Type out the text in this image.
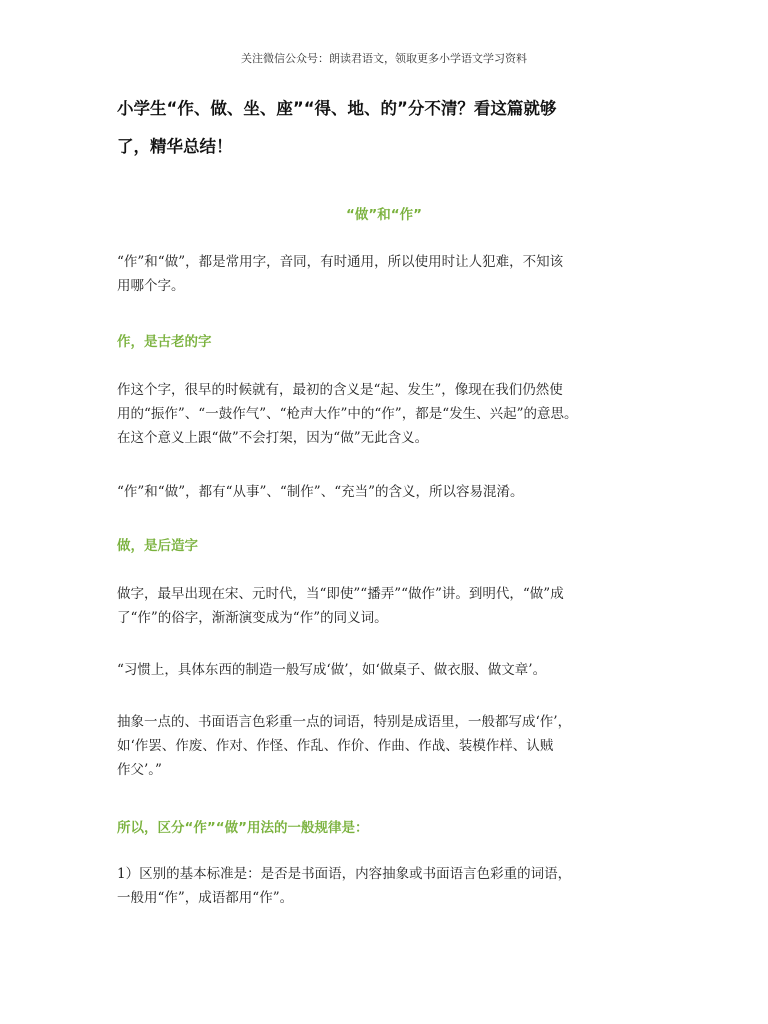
关注微信公众号：朗读君语文，领取更多小学语文学习资料
小学生“作、做、坐、座”“得、地、的”分不清？看这篇就够
了，精华总结！
“做”和“作”
“作”和“做”，都是常用字，音同，有时通用，所以使用时让人犯难，不知该
用哪个字。
作，是古老的字
作这个字，很早的时候就有，最初的含义是“起、发生”，像现在我们仍然使
用的“振作”、“一鼓作气”、“枪声大作”中的“作”，都是“发生、兴起”的意思。
在这个意义上跟“做”不会打架，因为“做”无此含义。
“作”和“做”，都有“从事”、“制作”、“充当”的含义，所以容易混淆。
做，是后造字
做字，最早出现在宋、元时代，当“即使”“播弄”“做作”讲。到明代，“做”成
了“作”的俗字，渐渐演变成为“作”的同义词。
“习惯上，具体东西的制造一般写成‘做’，如‘做桌子、做衣服、做文章’。
抽象一点的、书面语言色彩重一点的词语，特别是成语里，一般都写成‘作’，
如‘作罢、作废、作对、作怪、作乱、作价、作曲、作战、装模作样、认贼
作父’。”
所以，区分“作”“做”用法的一般规律是：
1）区别的基本标准是：是否是书面语，内容抽象或书面语言色彩重的词语，
一般用“作”，成语都用“作”。
